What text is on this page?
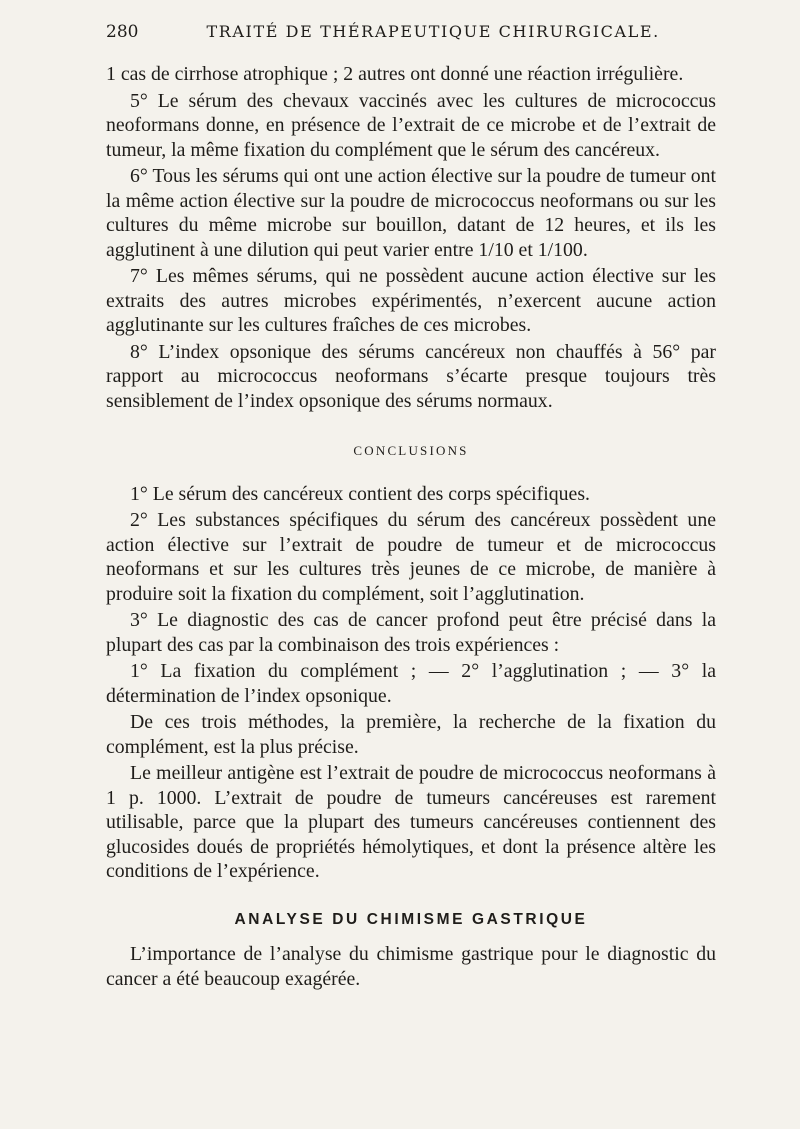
280	TRAITÉ DE THÉRAPEUTIQUE CHIRURGICALE.

1 cas de cirrhose atrophique ; 2 autres ont donné une réaction irrégulière.

5° Le sérum des chevaux vaccinés avec les cultures de micrococcus neoformans donne, en présence de l’extrait de ce microbe et de l’extrait de tumeur, la même fixation du complément que le sérum des cancéreux.

6° Tous les sérums qui ont une action élective sur la poudre de tumeur ont la même action élective sur la poudre de micrococcus neoformans ou sur les cultures du même microbe sur bouillon, datant de 12 heures, et ils les agglutinent à une dilution qui peut varier entre 1/10 et 1/100.

7° Les mêmes sérums, qui ne possèdent aucune action élective sur les extraits des autres microbes expérimentés, n’exercent aucune action agglutinante sur les cultures fraîches de ces microbes.

8° L’index opsonique des sérums cancéreux non chauffés à 56° par rapport au micrococcus neoformans s’écarte presque toujours très sensiblement de l’index opsonique des sérums normaux.

CONCLUSIONS

1° Le sérum des cancéreux contient des corps spécifiques.

2° Les substances spécifiques du sérum des cancéreux possèdent une action élective sur l’extrait de poudre de tumeur et de micrococcus neoformans et sur les cultures très jeunes de ce microbe, de manière à produire soit la fixation du complément, soit l’agglutination.

3° Le diagnostic des cas de cancer profond peut être précisé dans la plupart des cas par la combinaison des trois expériences :

1° La fixation du complément ; — 2° l’agglutination ; — 3° la détermination de l’index opsonique.

De ces trois méthodes, la première, la recherche de la fixation du complément, est la plus précise.

Le meilleur antigène est l’extrait de poudre de micrococcus neoformans à 1 p. 1000. L’extrait de poudre de tumeurs cancéreuses est rarement utilisable, parce que la plupart des tumeurs cancéreuses contiennent des glucosides doués de propriétés hémolytiques, et dont la présence altère les conditions de l’expérience.

ANALYSE DU CHIMISME GASTRIQUE

L’importance de l’analyse du chimisme gastrique pour le diagnostic du cancer a été beaucoup exagérée.
